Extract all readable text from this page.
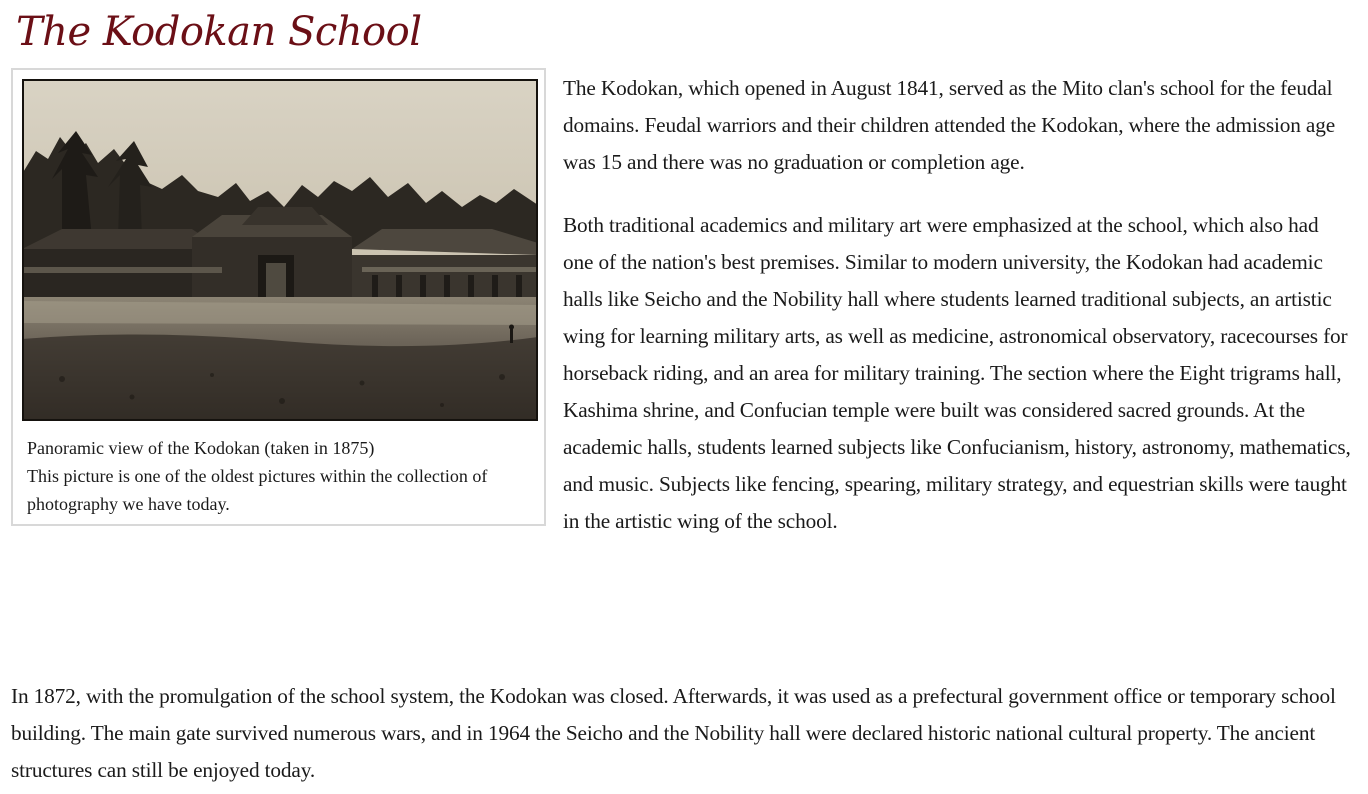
The Kodokan School

Panoramic view of the Kodokan (taken in 1875)

This picture is one of the oldest pictures within the collection of photography we have today.

The Kodokan, which opened in August 1841, served as the Mito clan's school for the feudal domains. Feudal warriors and their children attended the Kodokan, where the admission age was 15 and there was no graduation or completion age.

Both traditional academics and military art were emphasized at the school, which also had one of the nation's best premises. Similar to modern university, the Kodokan had academic halls like Seicho and the Nobility hall where students learned traditional subjects, an artistic wing for learning military arts, as well as medicine, astronomical observatory, racecourses for horseback riding, and an area for military training. The section where the Eight trigrams hall, Kashima shrine, and Confucian temple were built was considered sacred grounds. At the academic halls, students learned subjects like Confucianism, history, astronomy, mathematics, and music. Subjects like fencing, spearing, military strategy, and equestrian skills were taught in the artistic wing of the school.

In 1872, with the promulgation of the school system, the Kodokan was closed. Afterwards, it was used as a prefectural government office or temporary school building. The main gate survived numerous wars, and in 1964 the Seicho and the Nobility hall were declared historic national cultural property. The ancient structures can still be enjoyed today.
